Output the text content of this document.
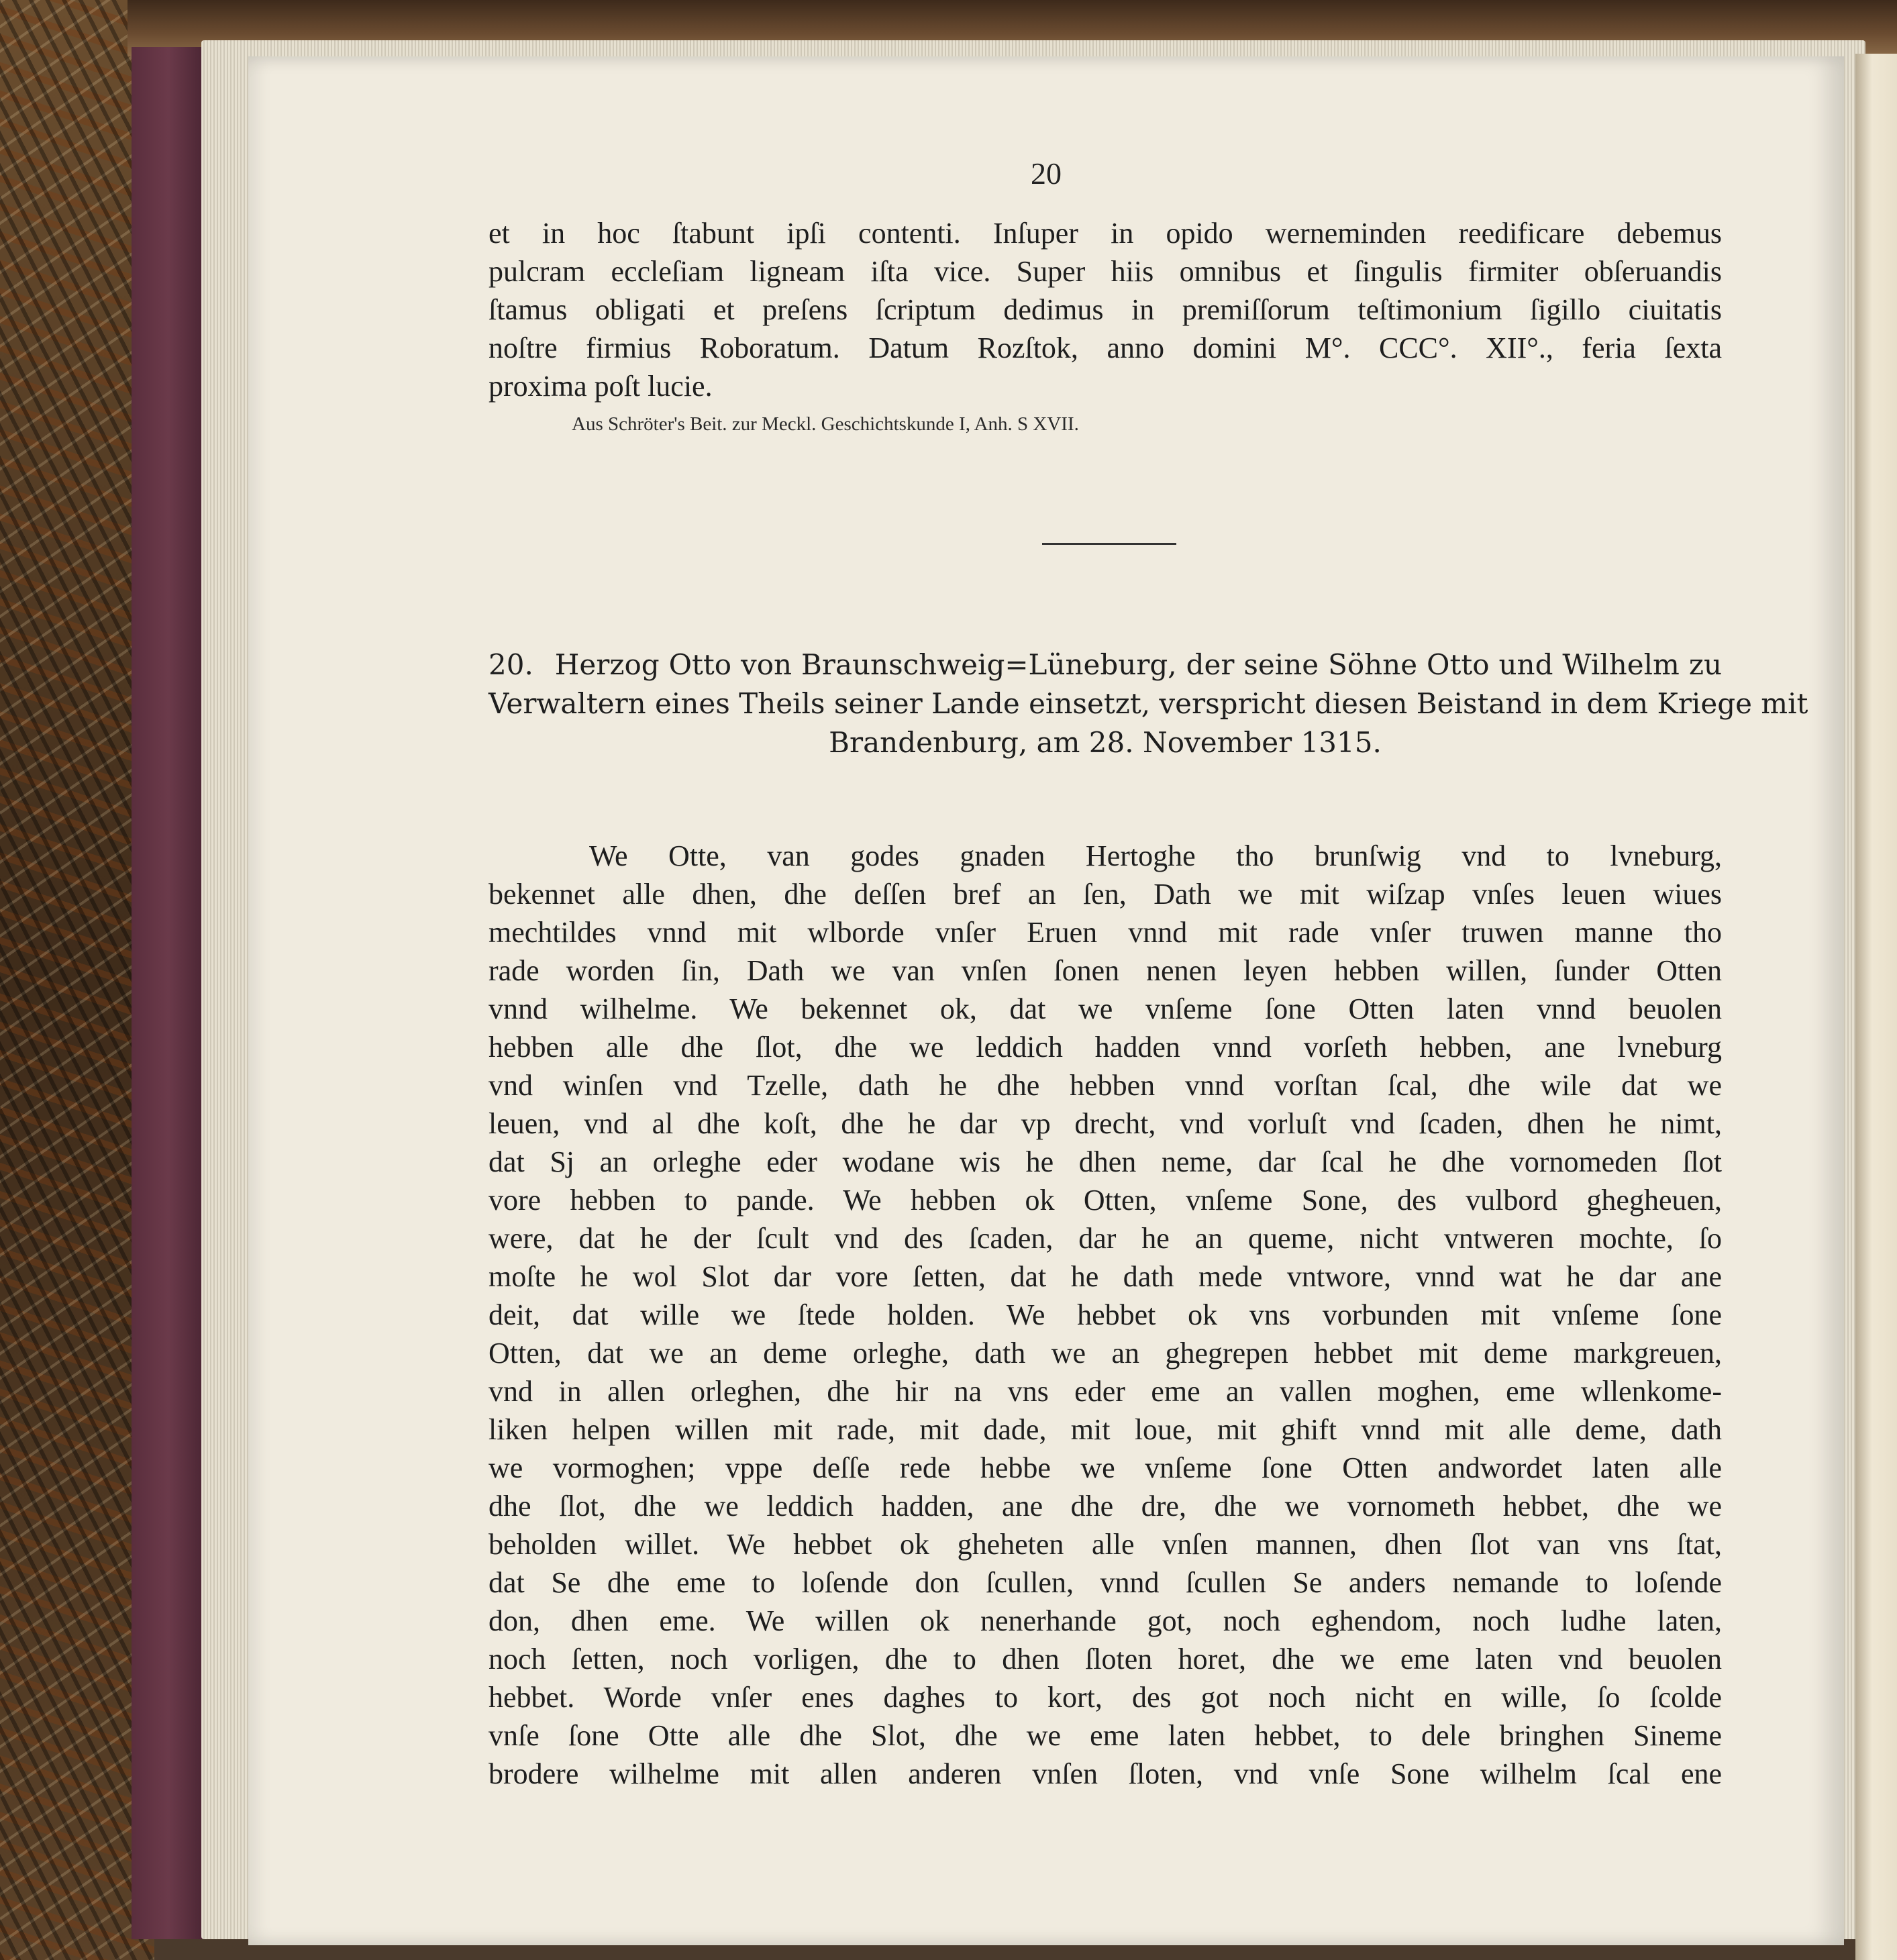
20
et in hoc ſtabunt ipſi contenti. Inſuper in opido werneminden reedificare debemus
pulcram eccleſiam ligneam iſta vice. Super hiis omnibus et ſingulis firmiter obſeruandis
ſtamus obligati et preſens ſcriptum dedimus in premiſſorum teſtimonium ſigillo ciuitatis
noſtre firmius Roboratum. Datum Rozſtok, anno domini M°. CCC°. XII°., feria ſexta
proxima poſt lucie.
Aus Schröter's Beit. zur Meckl. Geschichtskunde I, Anh. S XVII.
20. Herzog Otto von Braunschweig=Lüneburg, der seine Söhne Otto und Wilhelm zu
Verwaltern eines Theils seiner Lande einsetzt, verspricht diesen Beistand in dem Kriege mit
Brandenburg, am 28. November 1315.
We Otte, van godes gnaden Hertoghe tho brunſwig vnd to lvneburg,
bekennet alle dhen, dhe deſſen bref an ſen, Dath we mit wiſzap vnſes leuen wiues
mechtildes vnnd mit wlborde vnſer Eruen vnnd mit rade vnſer truwen manne tho
rade worden ſin, Dath we van vnſen ſonen nenen leyen hebben willen, ſunder Otten
vnnd wilhelme. We bekennet ok, dat we vnſeme ſone Otten laten vnnd beuolen
hebben alle dhe ſlot, dhe we leddich hadden vnnd vorſeth hebben, ane lvneburg
vnd winſen vnd Tzelle, dath he dhe hebben vnnd vorſtan ſcal, dhe wile dat we
leuen, vnd al dhe koſt, dhe he dar vp drecht, vnd vorluſt vnd ſcaden, dhen he nimt,
dat Sj an orleghe eder wodane wis he dhen neme, dar ſcal he dhe vornomeden ſlot
vore hebben to pande. We hebben ok Otten, vnſeme Sone, des vulbord ghegheuen,
were, dat he der ſcult vnd des ſcaden, dar he an queme, nicht vntweren mochte, ſo
moſte he wol Slot dar vore ſetten, dat he dath mede vntwore, vnnd wat he dar ane
deit, dat wille we ſtede holden. We hebbet ok vns vorbunden mit vnſeme ſone
Otten, dat we an deme orleghe, dath we an ghegrepen hebbet mit deme markgreuen,
vnd in allen orleghen, dhe hir na vns eder eme an vallen moghen, eme wllenkome-
liken helpen willen mit rade, mit dade, mit loue, mit ghift vnnd mit alle deme, dath
we vormoghen; vppe deſſe rede hebbe we vnſeme ſone Otten andwordet laten alle
dhe ſlot, dhe we leddich hadden, ane dhe dre, dhe we vornometh hebbet, dhe we
beholden willet. We hebbet ok gheheten alle vnſen mannen, dhen ſlot van vns ſtat,
dat Se dhe eme to loſende don ſcullen, vnnd ſcullen Se anders nemande to loſende
don, dhen eme. We willen ok nenerhande got, noch eghendom, noch ludhe laten,
noch ſetten, noch vorligen, dhe to dhen ſloten horet, dhe we eme laten vnd beuolen
hebbet. Worde vnſer enes daghes to kort, des got noch nicht en wille, ſo ſcolde
vnſe ſone Otte alle dhe Slot, dhe we eme laten hebbet, to dele bringhen Sineme
brodere wilhelme mit allen anderen vnſen ſloten, vnd vnſe Sone wilhelm ſcal ene
